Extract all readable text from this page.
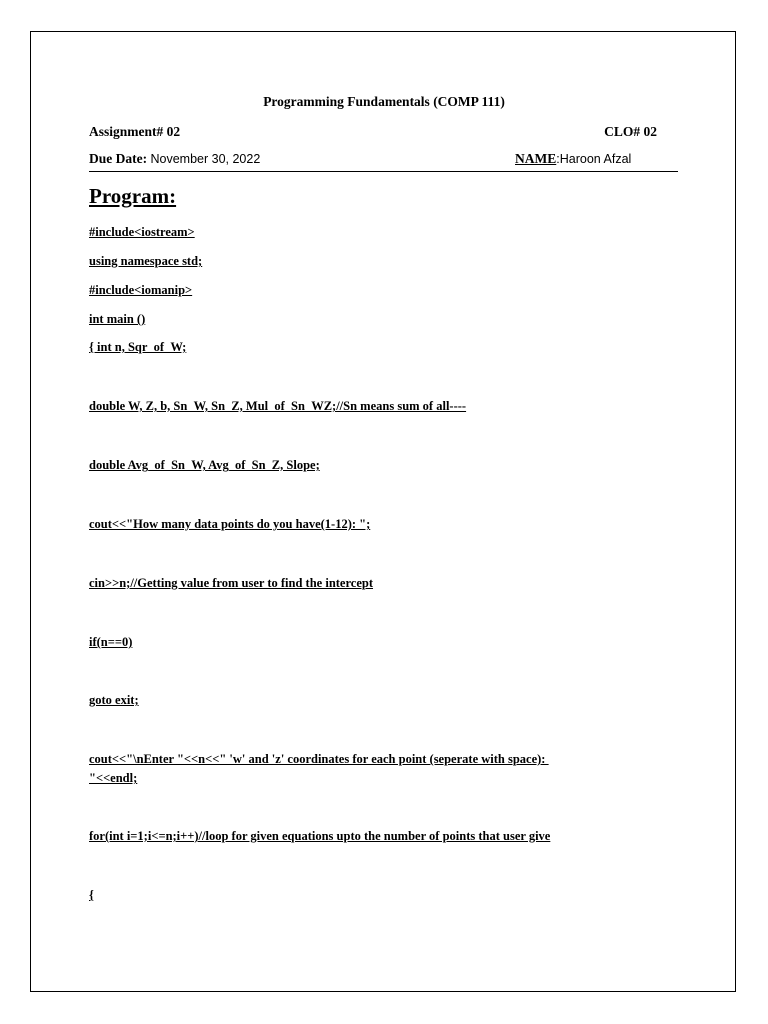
Programming Fundamentals (COMP 111)
Assignment# 02	CLO# 02
Due Date: November 30, 2022	NAME:Haroon Afzal
Program:
#include<iostream>
using namespace std;
#include<iomanip>
int main ()
{ int n, Sqr_of_W;
double W, Z, b, Sn_W, Sn_Z, Mul_of_Sn_WZ;//Sn means sum of all----
double Avg_of_Sn_W, Avg_of_Sn_Z, Slope;
cout<<"How many data points do you have(1-12): ";
cin>>n;//Getting value from user to find the intercept
if(n==0)
goto exit;
cout<<"\nEnter "<<n<<" 'w' and 'z' coordinates for each point (seperate with space):
"<<endl;
for(int i=1;i<=n;i++)//loop for given equations upto the number of points that user give
{
